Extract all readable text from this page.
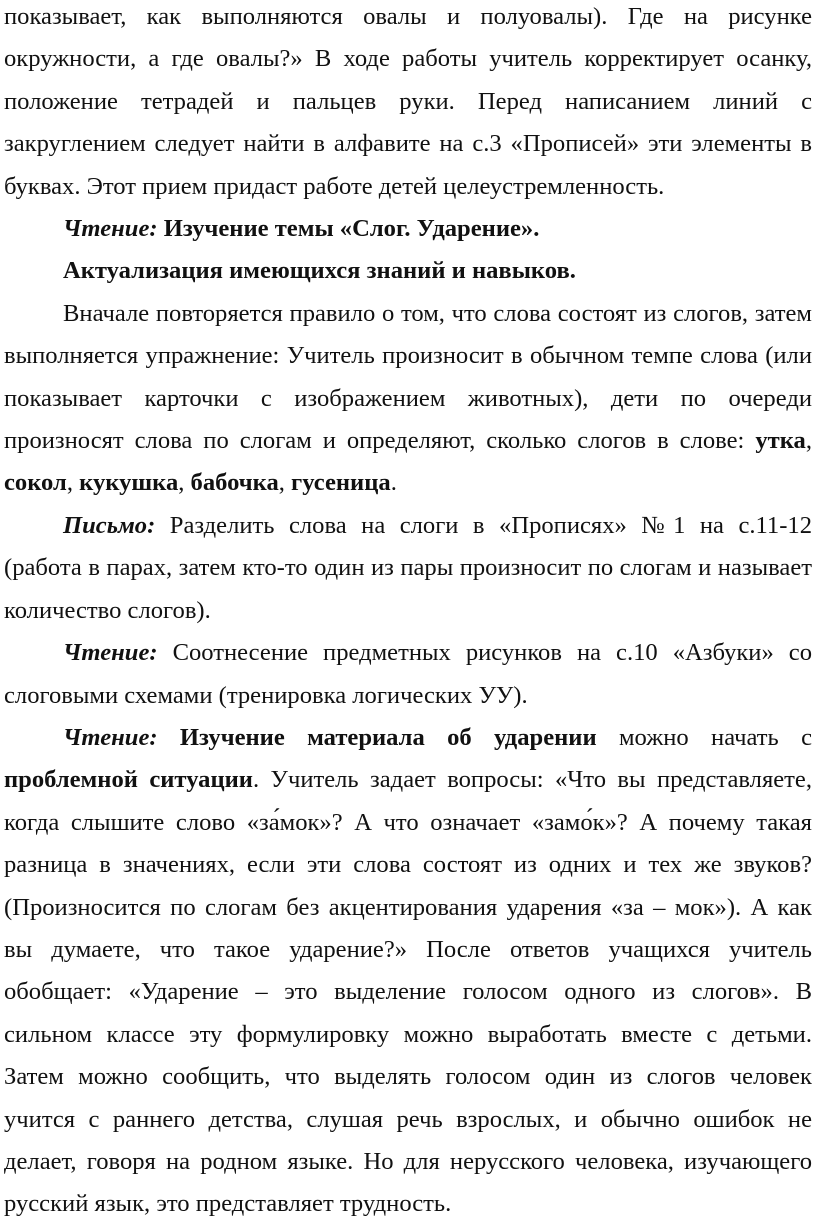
показывает, как выполняются овалы и полуовалы). Где на рисунке окружности, а где овалы?» В ходе работы учитель корректирует осанку, положение тетрадей и пальцев руки. Перед написанием линий с закруглением следует найти в алфавите на с.3 «Прописей» эти элементы в буквах. Этот прием придаст работе детей целеустремленность.

Чтение: Изучение темы «Слог. Ударение».

Актуализация имеющихся знаний и навыков.

Вначале повторяется правило о том, что слова состоят из слогов, затем выполняется упражнение: Учитель произносит в обычном темпе слова (или показывает карточки с изображением животных), дети по очереди произносят слова по слогам и определяют, сколько слогов в слове: утка, сокол, кукушка, бабочка, гусеница.

Письмо: Разделить слова на слоги в «Прописях» №1 на с.11-12 (работа в парах, затем кто-то один из пары произносит по слогам и называет количество слогов).

Чтение: Соотнесение предметных рисунков на с.10 «Азбуки» со слоговыми схемами (тренировка логических УУ).

Чтение: Изучение материала об ударении можно начать с проблемной ситуации. Учитель задает вопросы: «Что вы представляете, когда слышите слово «за́мок»? А что означает «замо́к»? А почему такая разница в значениях, если эти слова состоят из одних и тех же звуков? (Произносится по слогам без акцентирования ударения «за – мок»). А как вы думаете, что такое ударение?» После ответов учащихся учитель обобщает: «Ударение – это выделение голосом одного из слогов». В сильном классе эту формулировку можно выработать вместе с детьми. Затем можно сообщить, что выделять голосом один из слогов человек учится с раннего детства, слушая речь взрослых, и обычно ошибок не делает, говоря на родном языке. Но для нерусского человека, изучающего русский язык, это представляет трудность.
